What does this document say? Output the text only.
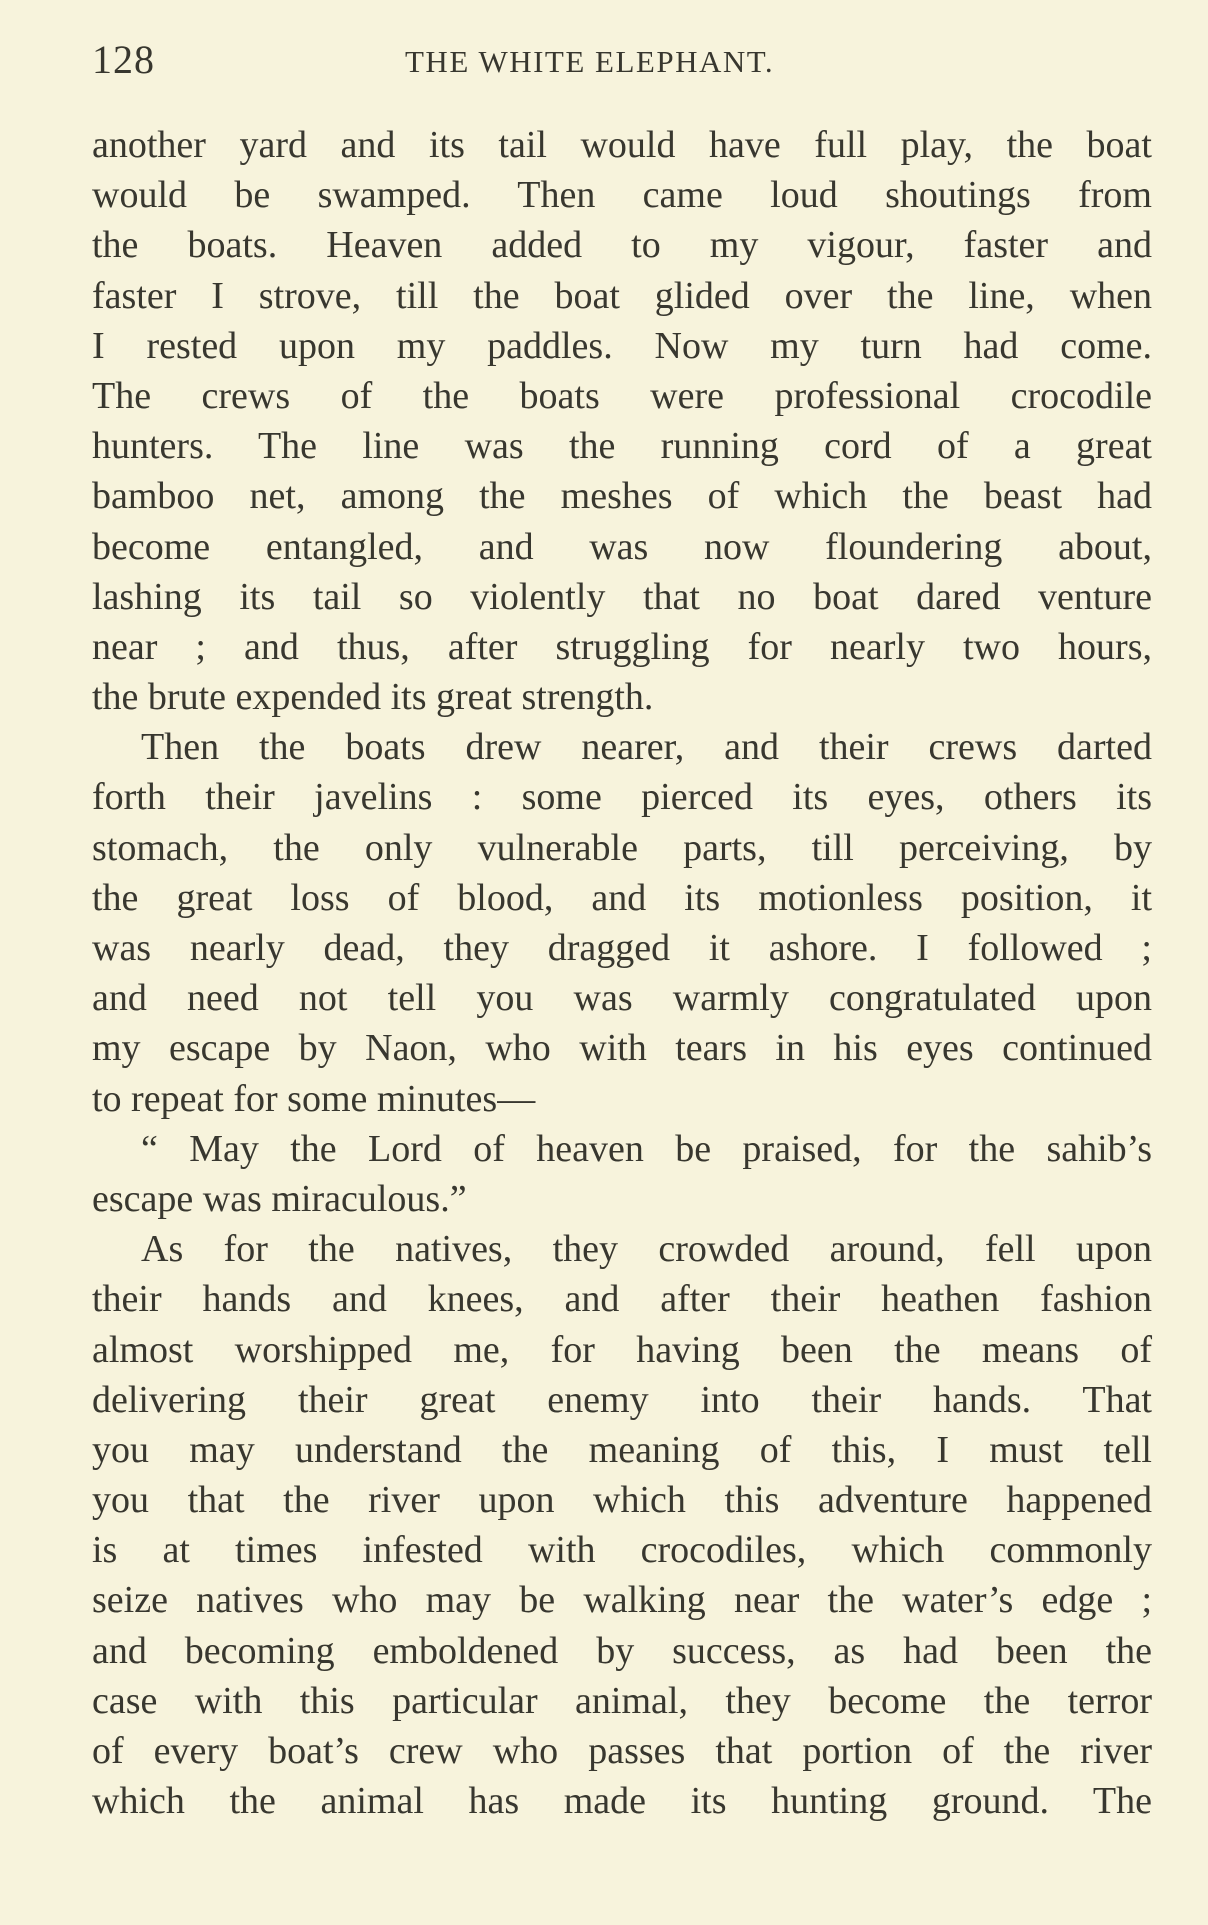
128	THE WHITE ELEPHANT.
another yard and its tail would have full play, the boat
would be swamped. Then came loud shoutings from
the boats. Heaven added to my vigour, faster and
faster I strove, till the boat glided over the line, when
I rested upon my paddles. Now my turn had come.
The crews of the boats were professional crocodile
hunters. The line was the running cord of a great
bamboo net, among the meshes of which the beast had
become entangled, and was now floundering about,
lashing its tail so violently that no boat dared venture
near ; and thus, after struggling for nearly two hours,
the brute expended its great strength.
Then the boats drew nearer, and their crews darted
forth their javelins : some pierced its eyes, others its
stomach, the only vulnerable parts, till perceiving, by
the great loss of blood, and its motionless position, it
was nearly dead, they dragged it ashore. I followed ;
and need not tell you was warmly congratulated upon
my escape by Naon, who with tears in his eyes continued
to repeat for some minutes—
“ May the Lord of heaven be praised, for the sahib’s
escape was miraculous.”
As for the natives, they crowded around, fell upon
their hands and knees, and after their heathen fashion
almost worshipped me, for having been the means of
delivering their great enemy into their hands. That
you may understand the meaning of this, I must tell
you that the river upon which this adventure happened
is at times infested with crocodiles, which commonly
seize natives who may be walking near the water’s edge ;
and becoming emboldened by success, as had been the
case with this particular animal, they become the terror
of every boat’s crew who passes that portion of the river
which the animal has made its hunting ground. The
